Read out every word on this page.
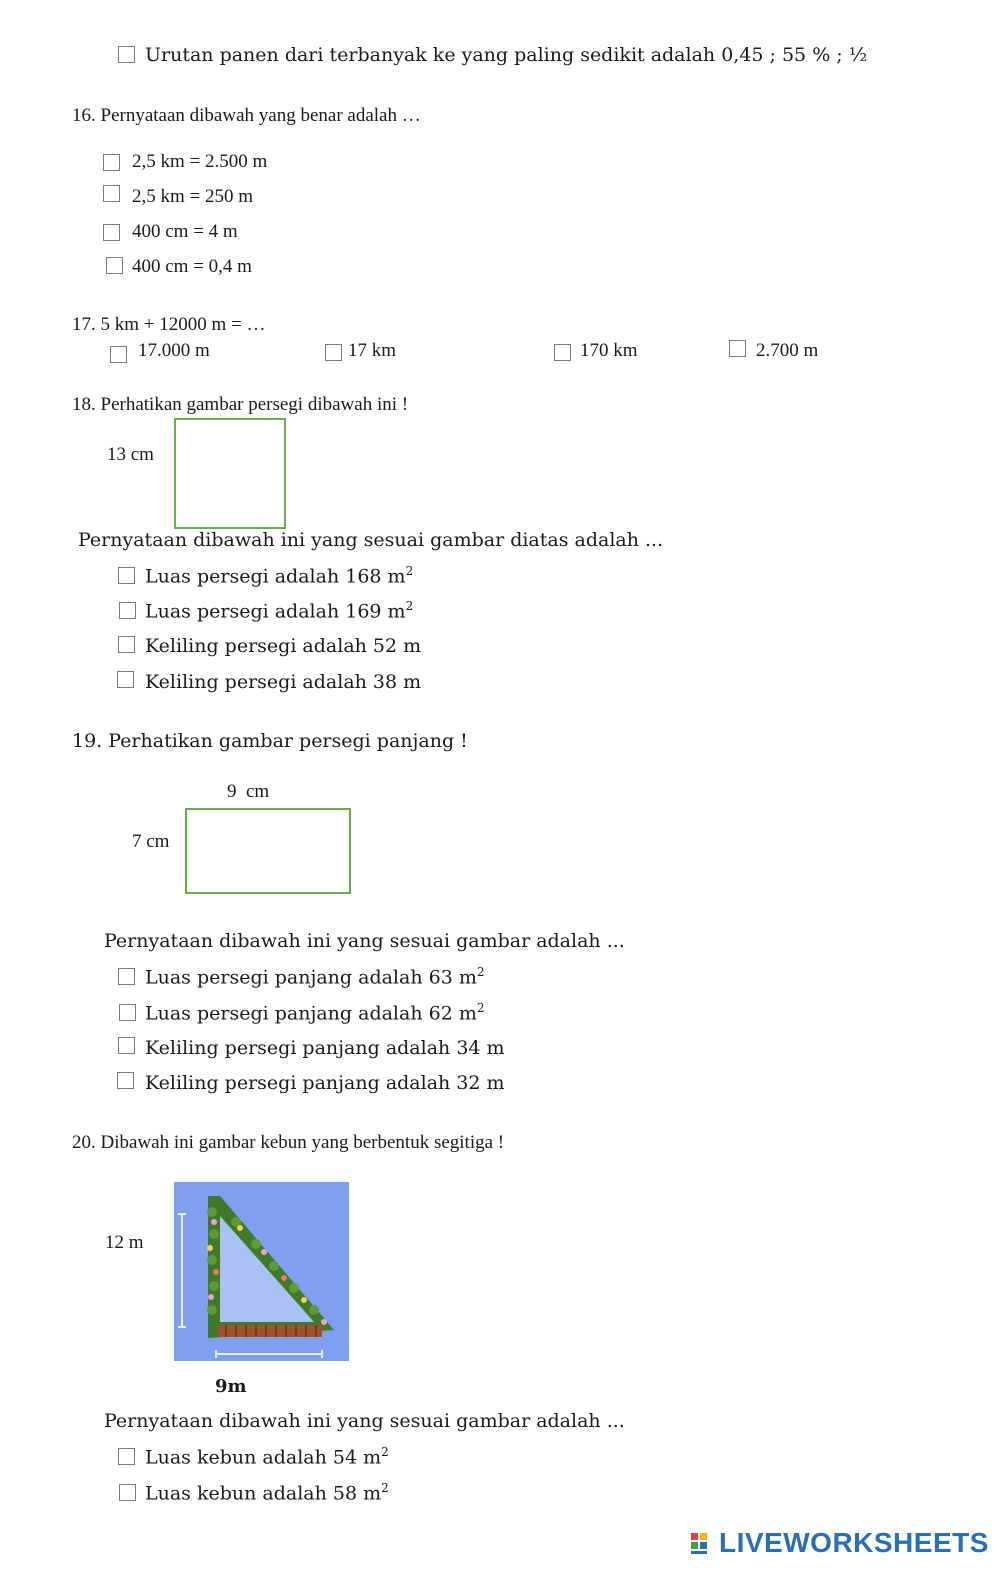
Urutan panen dari terbanyak ke yang paling sedikit adalah 0,45 ; 55 % ; ½
16. Pernyataan dibawah yang benar adalah …
2,5 km = 2.500 m
2,5 km = 250 m
400 cm = 4 m
400 cm = 0,4 m
17. 5 km + 12000 m = …
17.000 m	17 km	170 km	2.700 m
18. Perhatikan gambar persegi dibawah ini !
13 cm
Pernyataan dibawah ini yang sesuai gambar diatas adalah ...
Luas persegi adalah 168 $m^2$
Luas persegi adalah 169 $m^2$
Keliling persegi adalah 52 m
Keliling persegi adalah 38 m
19. Perhatikan gambar persegi panjang !
9  cm
7 cm
Pernyataan dibawah ini yang sesuai gambar adalah ...
Luas persegi panjang adalah 63 $m^2$
Luas persegi panjang adalah 62 $m^2$
Keliling persegi panjang adalah 34 m
Keliling persegi panjang adalah 32 m
20. Dibawah ini gambar kebun yang berbentuk segitiga !
12 m
9m
Pernyataan dibawah ini yang sesuai gambar adalah ...
Luas kebun adalah 54 $m^2$
Luas kebun adalah 58 $m^2$
LIVEWORKSHEETS
